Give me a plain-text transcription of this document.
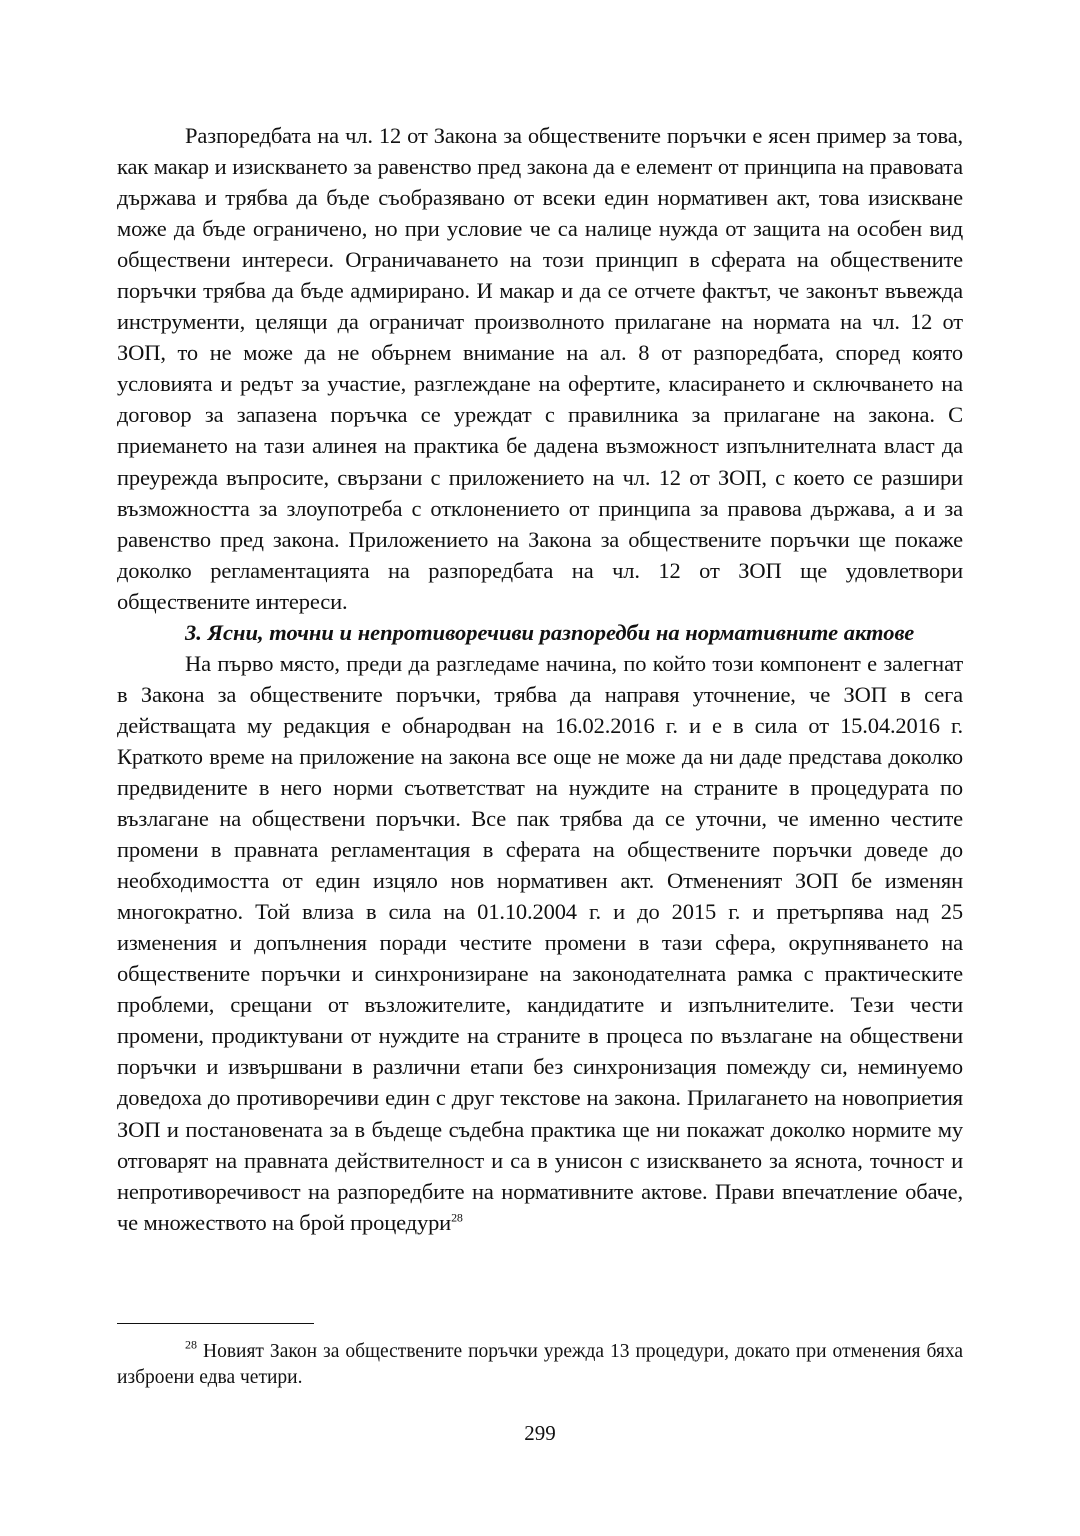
Разпоредбата на чл. 12 от Закона за обществените поръчки е ясен пример за това, как макар и изискването за равенство пред закона да е елемент от принципа на правовата държава и трябва да бъде съобразявано от всеки един нормативен акт, това изискване може да бъде ограничено, но при условие че са налице нужда от защита на особен вид обществени интереси. Ограничаването на този принцип в сферата на обществените поръчки трябва да бъде адмирирано. И макар и да се отчете фактът, че законът въвежда инструменти, целящи да ограничат произволното прилагане на нормата на чл. 12 от ЗОП, то не може да не обърнем внимание на ал. 8 от разпоредбата, според която условията и редът за участие, разглеждане на офертите, класирането и сключването на договор за запазена поръчка се уреждат с правилника за прилагане на закона. С приемането на тази алинея на практика бе дадена възможност изпълнителната власт да преурежда въпросите, свързани с приложението на чл. 12 от ЗОП, с което се разшири възможността за злоупотреба с отклонението от принципа за правова държава, а и за равенство пред закона. Приложението на Закона за обществените поръчки ще покаже доколко регламентацията на разпоредбата на чл. 12 от ЗОП ще удовлетвори обществените интереси.

3. Ясни, точни и непротиворечиви разпоредби на нормативните актове

На първо място, преди да разгледаме начина, по който този компонент е залегнат в Закона за обществените поръчки, трябва да направя уточнение, че ЗОП в сега действащата му редакция е обнародван на 16.02.2016 г. и е в сила от 15.04.2016 г. Краткото време на приложение на закона все още не може да ни даде представа доколко предвидените в него норми съответстват на нуждите на страните в процедурата по възлагане на обществени поръчки. Все пак трябва да се уточни, че именно честите промени в правната регламентация в сферата на обществените поръчки доведе до необходимостта от един изцяло нов нормативен акт. Отмененият ЗОП бе изменян многократно. Той влиза в сила на 01.10.2004 г. и до 2015 г. и претърпява над 25 изменения и допълнения поради честите промени в тази сфера, окрупняването на обществените поръчки и синхронизиране на законодателната рамка с практическите проблеми, срещани от възложителите, кандидатите и изпълнителите. Тези чести промени, продиктувани от нуждите на страните в процеса по възлагане на обществени поръчки и извършвани в различни етапи без синхронизация помежду си, неминуемо доведоха до противоречиви един с друг текстове на закона. Прилагането на новоприетия ЗОП и постановената за в бъдеще съдебна практика ще ни покажат доколко нормите му отговарят на правната действителност и са в унисон с изискването за яснота, точност и непротиворечивост на разпоредбите на нормативните актове. Прави впечатление обаче, че множеството на брой процедури$^{28}$

$^{28}$ Новият Закон за обществените поръчки урежда 13 процедури, докато при отменения бяха изброени едва четири.

299
